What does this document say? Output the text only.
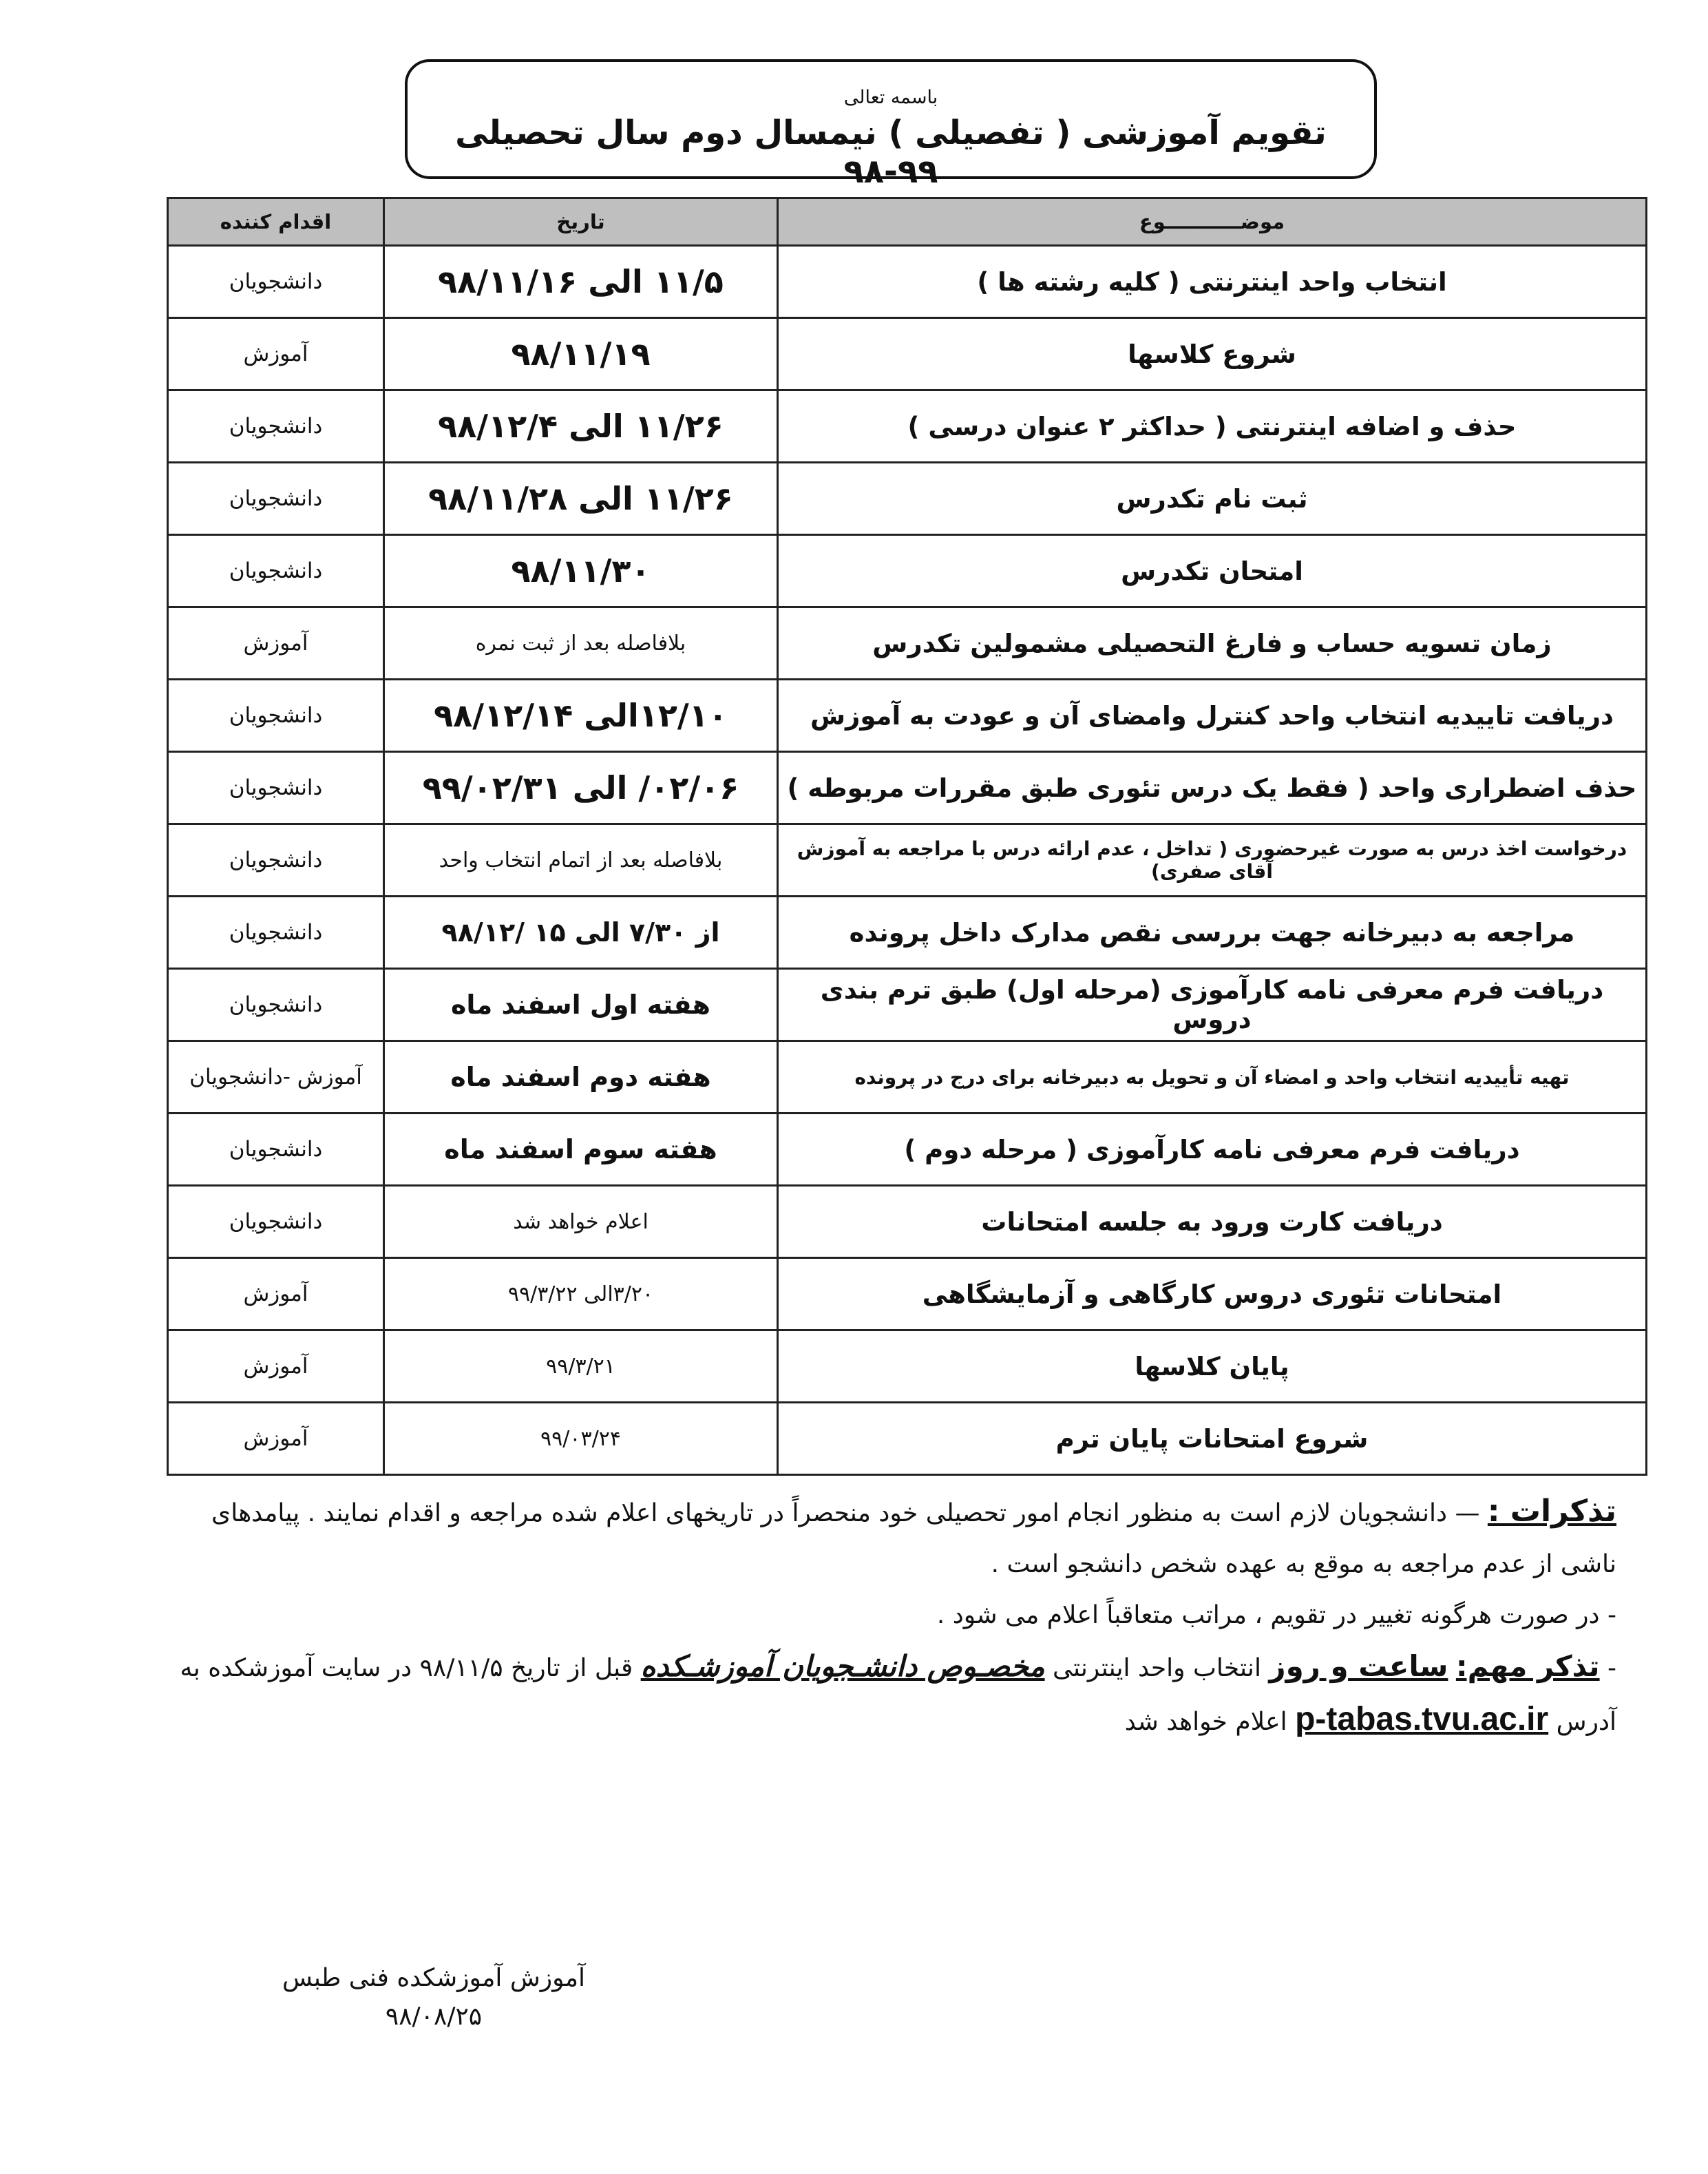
باسمه تعالی
تقویم آموزشی ( تفصیلی ) نیمسال دوم سال تحصیلی ۹۹-۹۸
موضـــــــــــوع	تاریخ	اقدام کننده
انتخاب واحد اینترنتی ( کلیه رشته ها )	۱۱/۵ الی ۹۸/۱۱/۱۶	دانشجویان
شروع کلاسها	۹۸/۱۱/۱۹	آموزش
حذف و اضافه اینترنتی ( حداکثر ۲ عنوان درسی )	۱۱/۲۶ الی ۹۸/۱۲/۴	دانشجویان
ثبت نام تکدرس	۱۱/۲۶ الی ۹۸/۱۱/۲۸	دانشجویان
امتحان تکدرس	۹۸/۱۱/۳۰	دانشجویان
زمان تسویه حساب و فارغ التحصیلی مشمولین تکدرس	بلافاصله بعد از ثبت نمره	آموزش
دریافت تاییدیه انتخاب واحد کنترل وامضای آن و عودت به آموزش	۱۲/۱۰الی ۹۸/۱۲/۱۴	دانشجویان
حذف اضطراری واحد ( فقط یک درس تئوری طبق مقررات مربوطه )	۰۲/۰۶/ الی ۹۹/۰۲/۳۱	دانشجویان
درخواست اخذ درس به صورت غیرحضوری ( تداخل ، عدم ارائه درس با مراجعه به آموزش آقای صفری)	بلافاصله بعد از اتمام انتخاب واحد	دانشجویان
مراجعه به دبیرخانه جهت بررسی نقص مدارک داخل پرونده	از ۷/۳۰ الی ۱۵ /۹۸/۱۲	دانشجویان
دریافت فرم معرفی نامه کارآموزی (مرحله اول) طبق ترم بندی دروس	هفته اول اسفند ماه	دانشجویان
تهیه تأییدیه انتخاب واحد و امضاء آن و تحویل به دبیرخانه برای درج در پرونده	هفته دوم اسفند ماه	آموزش -دانشجویان
دریافت فرم معرفی نامه کارآموزی ( مرحله دوم )	هفته سوم اسفند ماه	دانشجویان
دریافت کارت ورود به جلسه امتحانات	اعلام خواهد شد	دانشجویان
امتحانات تئوری دروس کارگاهی و آزمایشگاهی	۳/۲۰الی ۹۹/۳/۲۲	آموزش
پایان کلاسها	۹۹/۳/۲۱	آموزش
شروع امتحانات پایان ترم	۹۹/۰۳/۲۴	آموزش

تذکرات : — دانشجویان لازم است به منظور انجام امور تحصیلی خود منحصراً در تاریخهای اعلام شده مراجعه و اقدام نمایند . پیامدهای ناشی از عدم مراجعه به موقع به عهده شخص دانشجو است .

- در صورت هرگونه تغییر در تقویم ، مراتب متعاقباً اعلام می شود .

- تذکر مهم: ساعت و روز انتخاب واحد اینترنتی مخصـوص دانشـجویان آموزشـکده قبل از تاریخ ۹۸/۱۱/۵ در سایت آموزشکده به آدرس p-tabas.tvu.ac.ir اعلام خواهد شد

آموزش آموزشکده فنی طبس
۹۸/۰۸/۲۵
